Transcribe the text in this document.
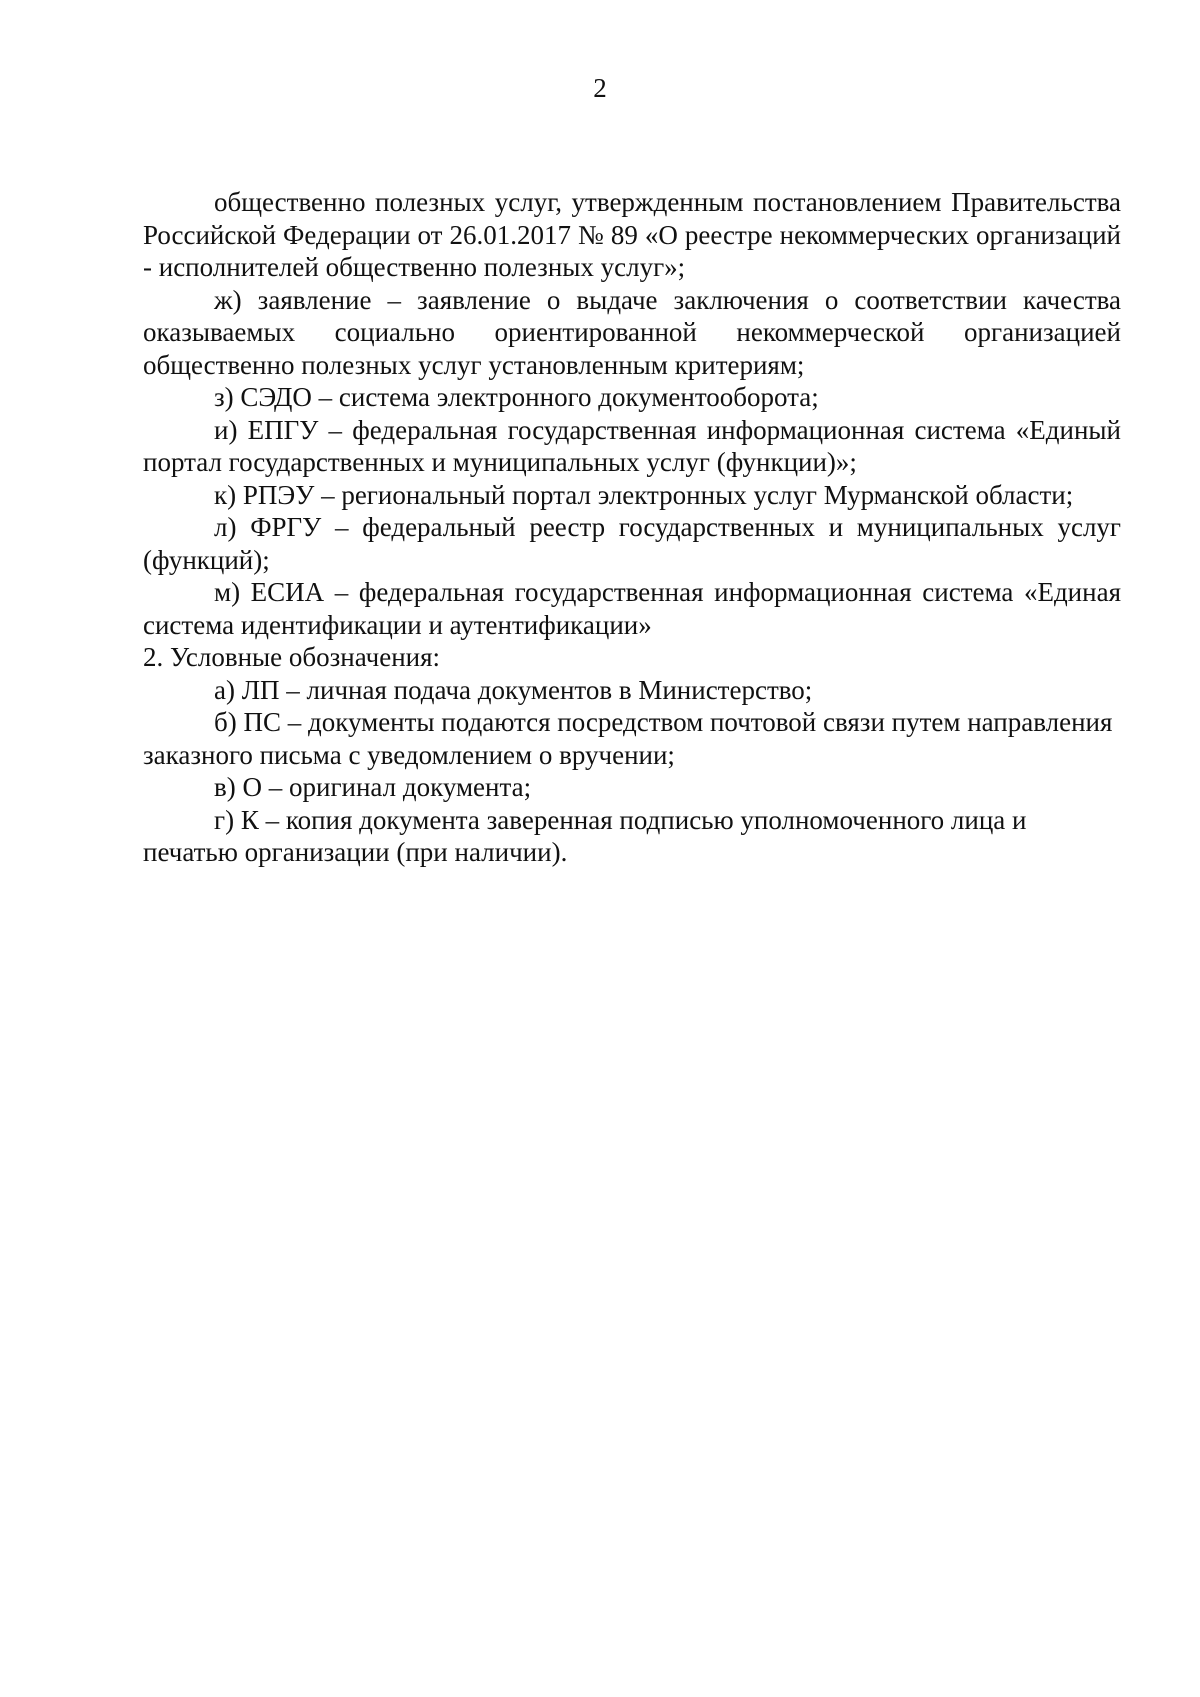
2

общественно полезных услуг, утвержденным постановлением Правительства Российской Федерации от 26.01.2017 № 89 «О реестре некоммерческих организаций - исполнителей общественно полезных услуг»;

ж) заявление – заявление о выдаче заключения о соответствии качества оказываемых социально ориентированной некоммерческой организацией общественно полезных услуг установленным критериям;

з) СЭДО – система электронного документооборота;

и) ЕПГУ – федеральная государственная информационная система «Единый портал государственных и муниципальных услуг (функции)»;

к) РПЭУ – региональный портал электронных услуг Мурманской области;

л) ФРГУ – федеральный реестр государственных и муниципальных услуг (функций);

м) ЕСИА – федеральная государственная информационная система «Единая система идентификации и аутентификации»

2. Условные обозначения:

а) ЛП – личная подача документов в Министерство;

б) ПС – документы подаются посредством почтовой связи путем направления заказного письма с уведомлением о вручении;

в) О – оригинал документа;

г) К – копия документа заверенная подписью уполномоченного лица и печатью организации (при наличии).
